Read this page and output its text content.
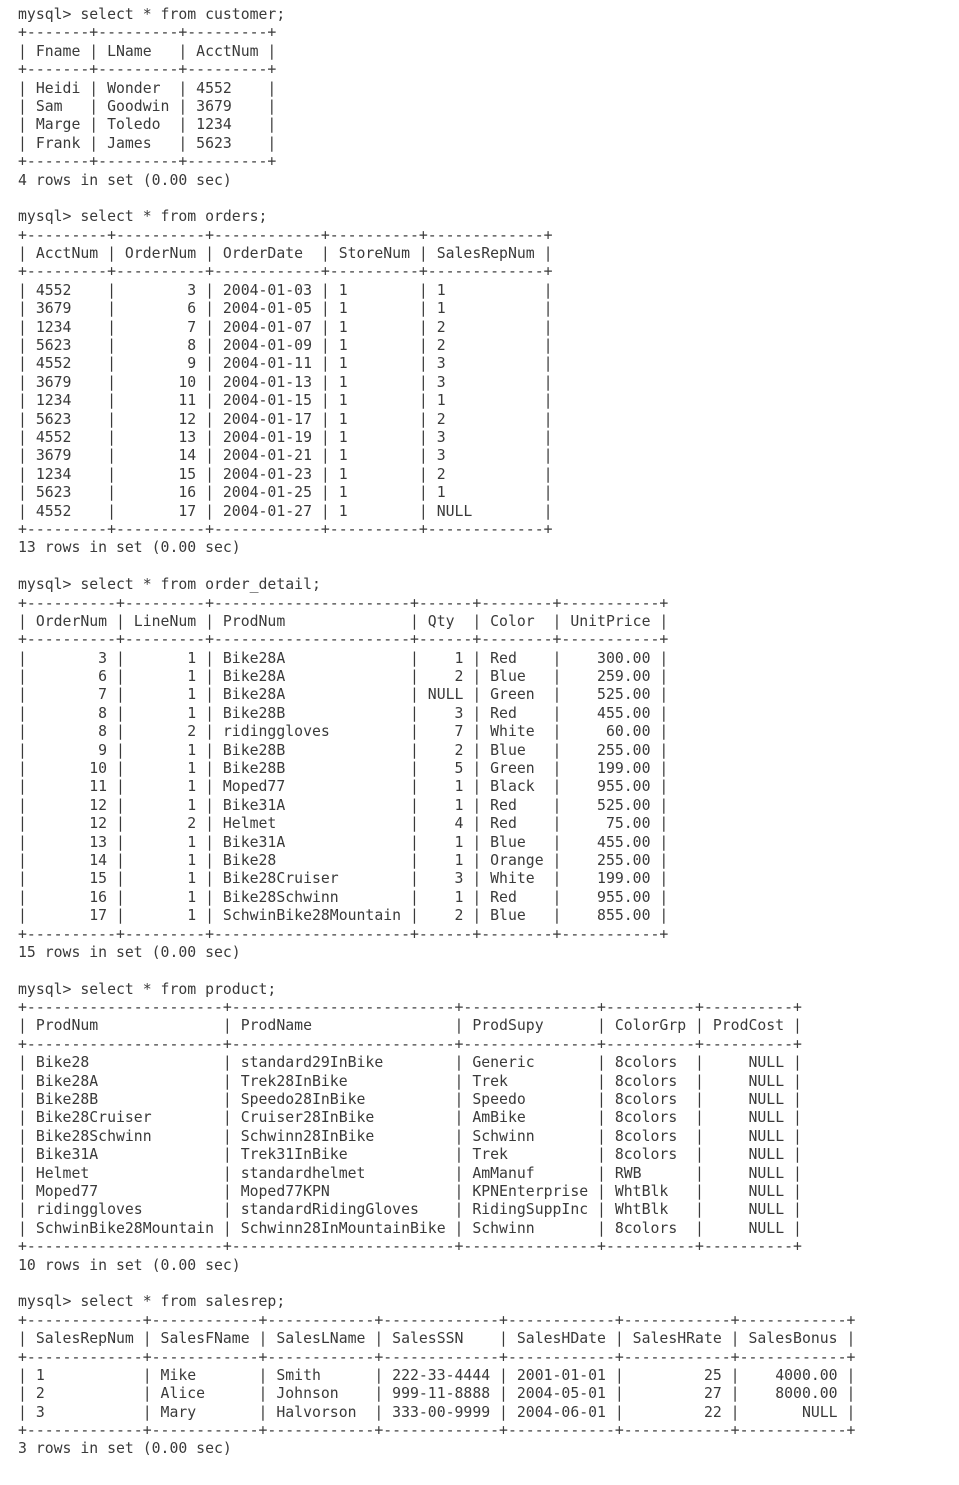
mysql> select * from customer;
+-------+---------+---------+
| Fname | LName   | AcctNum |
+-------+---------+---------+
| Heidi | Wonder  | 4552    |
| Sam   | Goodwin | 3679    |
| Marge | Toledo  | 1234    |
| Frank | James   | 5623    |
+-------+---------+---------+
4 rows in set (0.00 sec)
mysql> select * from orders;
+---------+----------+------------+----------+-------------+
| AcctNum | OrderNum | OrderDate  | StoreNum | SalesRepNum |
+---------+----------+------------+----------+-------------+
| 4552    |        3 | 2004-01-03 | 1        | 1           |
| 3679    |        6 | 2004-01-05 | 1        | 1           |
| 1234    |        7 | 2004-01-07 | 1        | 2           |
| 5623    |        8 | 2004-01-09 | 1        | 2           |
| 4552    |        9 | 2004-01-11 | 1        | 3           |
| 3679    |       10 | 2004-01-13 | 1        | 3           |
| 1234    |       11 | 2004-01-15 | 1        | 1           |
| 5623    |       12 | 2004-01-17 | 1        | 2           |
| 4552    |       13 | 2004-01-19 | 1        | 3           |
| 3679    |       14 | 2004-01-21 | 1        | 3           |
| 1234    |       15 | 2004-01-23 | 1        | 2           |
| 5623    |       16 | 2004-01-25 | 1        | 1           |
| 4552    |       17 | 2004-01-27 | 1        | NULL        |
+---------+----------+------------+----------+-------------+
13 rows in set (0.00 sec)
mysql> select * from order_detail;
+----------+---------+----------------------+------+--------+-----------+
| OrderNum | LineNum | ProdNum              | Qty  | Color  | UnitPrice |
+----------+---------+----------------------+------+--------+-----------+
|        3 |       1 | Bike28A              |    1 | Red    |    300.00 |
|        6 |       1 | Bike28A              |    2 | Blue   |    259.00 |
|        7 |       1 | Bike28A              | NULL | Green  |    525.00 |
|        8 |       1 | Bike28B              |    3 | Red    |    455.00 |
|        8 |       2 | ridinggloves         |    7 | White  |     60.00 |
|        9 |       1 | Bike28B              |    2 | Blue   |    255.00 |
|       10 |       1 | Bike28B              |    5 | Green  |    199.00 |
|       11 |       1 | Moped77              |    1 | Black  |    955.00 |
|       12 |       1 | Bike31A              |    1 | Red    |    525.00 |
|       12 |       2 | Helmet               |    4 | Red    |     75.00 |
|       13 |       1 | Bike31A              |    1 | Blue   |    455.00 |
|       14 |       1 | Bike28               |    1 | Orange |    255.00 |
|       15 |       1 | Bike28Cruiser        |    3 | White  |    199.00 |
|       16 |       1 | Bike28Schwinn        |    1 | Red    |    955.00 |
|       17 |       1 | SchwinBike28Mountain |    2 | Blue   |    855.00 |
+----------+---------+----------------------+------+--------+-----------+
15 rows in set (0.00 sec)
mysql> select * from product;
+----------------------+-------------------------+---------------+----------+----------+
| ProdNum              | ProdName                | ProdSupy      | ColorGrp | ProdCost |
+----------------------+-------------------------+---------------+----------+----------+
| Bike28               | standard29InBike        | Generic       | 8colors  |     NULL |
| Bike28A              | Trek28InBike            | Trek          | 8colors  |     NULL |
| Bike28B              | Speedo28InBike          | Speedo        | 8colors  |     NULL |
| Bike28Cruiser        | Cruiser28InBike         | AmBike        | 8colors  |     NULL |
| Bike28Schwinn        | Schwinn28InBike         | Schwinn       | 8colors  |     NULL |
| Bike31A              | Trek31InBike            | Trek          | 8colors  |     NULL |
| Helmet               | standardhelmet          | AmManuf       | RWB      |     NULL |
| Moped77              | Moped77KPN              | KPNEnterprise | WhtBlk   |     NULL |
| ridinggloves         | standardRidingGloves    | RidingSuppInc | WhtBlk   |     NULL |
| SchwinBike28Mountain | Schwinn28InMountainBike | Schwinn       | 8colors  |     NULL |
+----------------------+-------------------------+---------------+----------+----------+
10 rows in set (0.00 sec)
mysql> select * from salesrep;
+-------------+------------+------------+-------------+------------+------------+------------+
| SalesRepNum | SalesFName | SalesLName | SalesSSN    | SalesHDate | SalesHRate | SalesBonus |
+-------------+------------+------------+-------------+------------+------------+------------+
| 1           | Mike       | Smith      | 222-33-4444 | 2001-01-01 |         25 |    4000.00 |
| 2           | Alice      | Johnson    | 999-11-8888 | 2004-05-01 |         27 |    8000.00 |
| 3           | Mary       | Halvorson  | 333-00-9999 | 2004-06-01 |         22 |       NULL |
+-------------+------------+------------+-------------+------------+------------+------------+
3 rows in set (0.00 sec)
